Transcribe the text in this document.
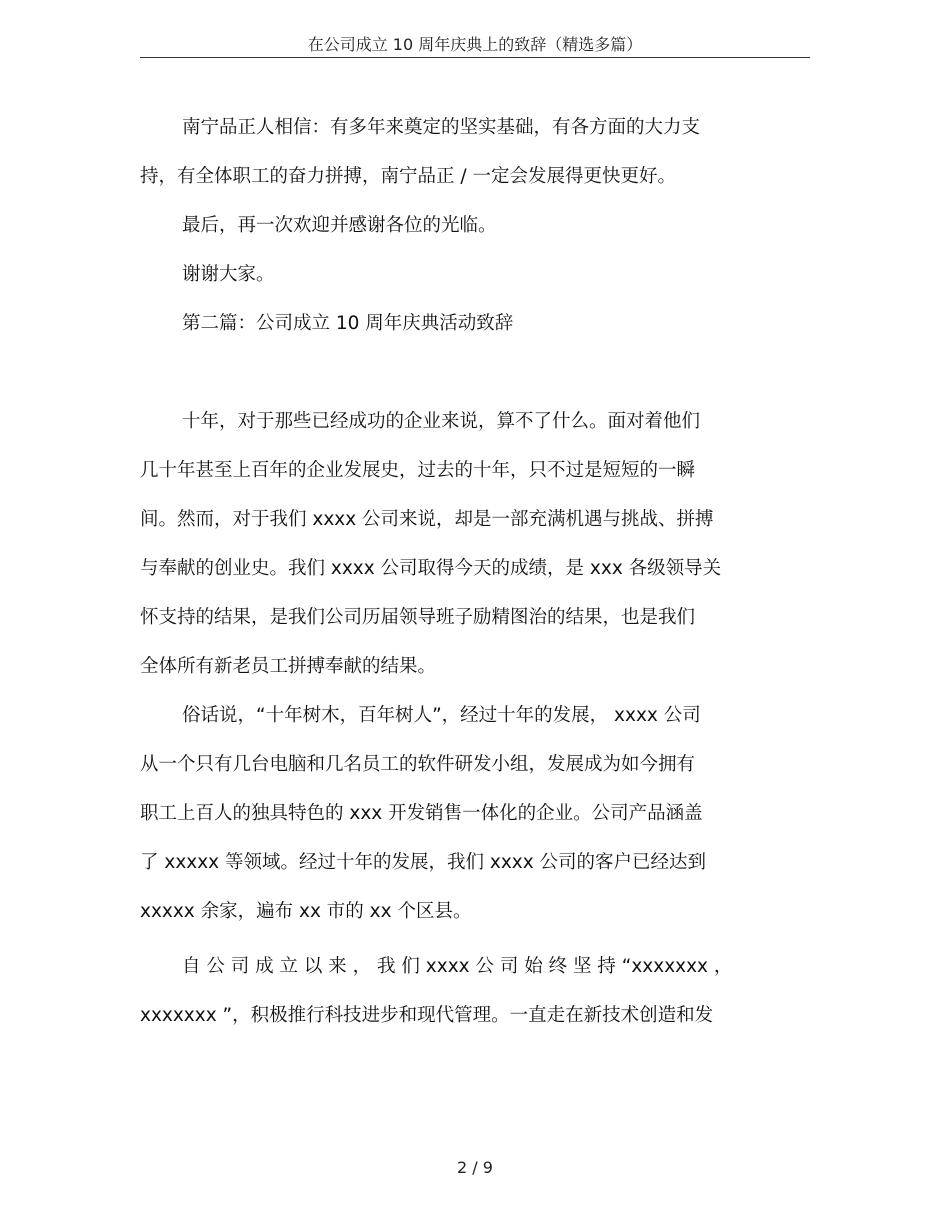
在公司成立 10 周年庆典上的致辞（精选多篇）
南宁品正人相信：有多年来奠定的坚实基础，有各方面的大力支
持，有全体职工的奋力拼搏，南宁品正 / 一定会发展得更快更好。
最后，再一次欢迎并感谢各位的光临。
谢谢大家。
第二篇：公司成立 10 周年庆典活动致辞
十年，对于那些已经成功的企业来说，算不了什么。面对着他们
几十年甚至上百年的企业发展史，过去的十年，只不过是短短的一瞬
间。然而，对于我们 xxxx 公司来说，却是一部充满机遇与挑战、拼搏
与奉献的创业史。我们 xxxx 公司取得今天的成绩，是 xxx 各级领导关
怀支持的结果，是我们公司历届领导班子励精图治的结果，也是我们
全体所有新老员工拼搏奉献的结果。
俗话说，“十年树木，百年树人”，经过十年的发展， xxxx 公司
从一个只有几台电脑和几名员工的软件研发小组，发展成为如今拥有
职工上百人的独具特色的 xxx 开发销售一体化的企业。公司产品涵盖
了 xxxxx 等领域。经过十年的发展，我们 xxxx 公司的客户已经达到
xxxxx 余家，遍布 xx 市的 xx 个区县。
自 公 司 成 立 以 来 ， 我 们 xxxx 公 司 始 终 坚 持 “xxxxxxx ，
xxxxxxx ”，积极推行科技进步和现代管理。一直走在新技术创造和发
2 / 9
